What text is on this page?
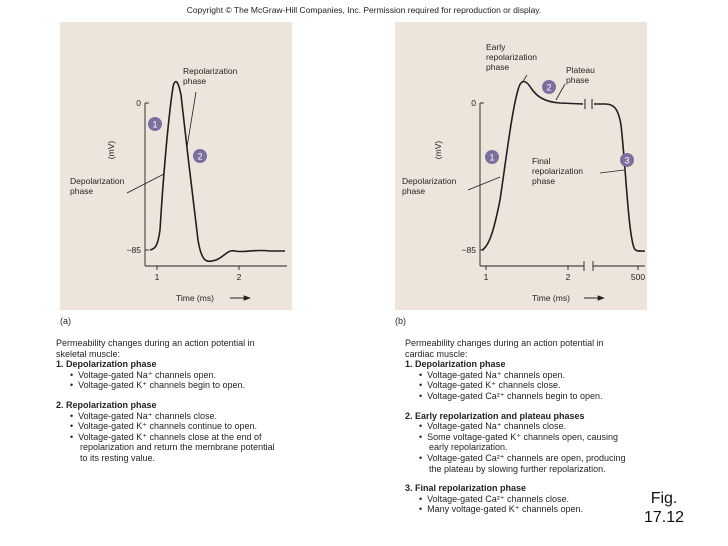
Copyright © The McGraw-Hill Companies, Inc. Permission required for reproduction or display.
0
−85
1	2
(mV)
Time (ms)
Repolarization phase
Depolarization phase
1
2
0
−85
1	2	500
(mV)
Time (ms)
Early repolarization phase	Plateau phase
Final repolarization phase
Depolarization phase
1
2
3
(a)	(b)
Permeability changes during an action potential in
skeletal muscle:
1. Depolarization phase
•  Voltage-gated Na⁺ channels open.
•  Voltage-gated K⁺ channels begin to open.
2. Repolarization phase
•  Voltage-gated Na⁺ channels close.
•  Voltage-gated K⁺ channels continue to open.
•  Voltage-gated K⁺ channels close at the end of
repolarization and return the membrane potential
to its resting value.
Permeability changes during an action potential in
cardiac muscle:
1. Depolarization phase
•  Voltage-gated Na⁺ channels open.
•  Voltage-gated K⁺ channels close.
•  Voltage-gated Ca²⁺ channels begin to open.
2. Early repolarization and plateau phases
•  Voltage-gated Na⁺ channels close.
•  Some voltage-gated K⁺ channels open, causing
early repolarization.
•  Voltage-gated Ca²⁺ channels are open, producing
the plateau by slowing further repolarization.
3. Final repolarization phase
•  Voltage-gated Ca²⁺ channels close.
•  Many voltage-gated K⁺ channels open.
Fig.
17.12
